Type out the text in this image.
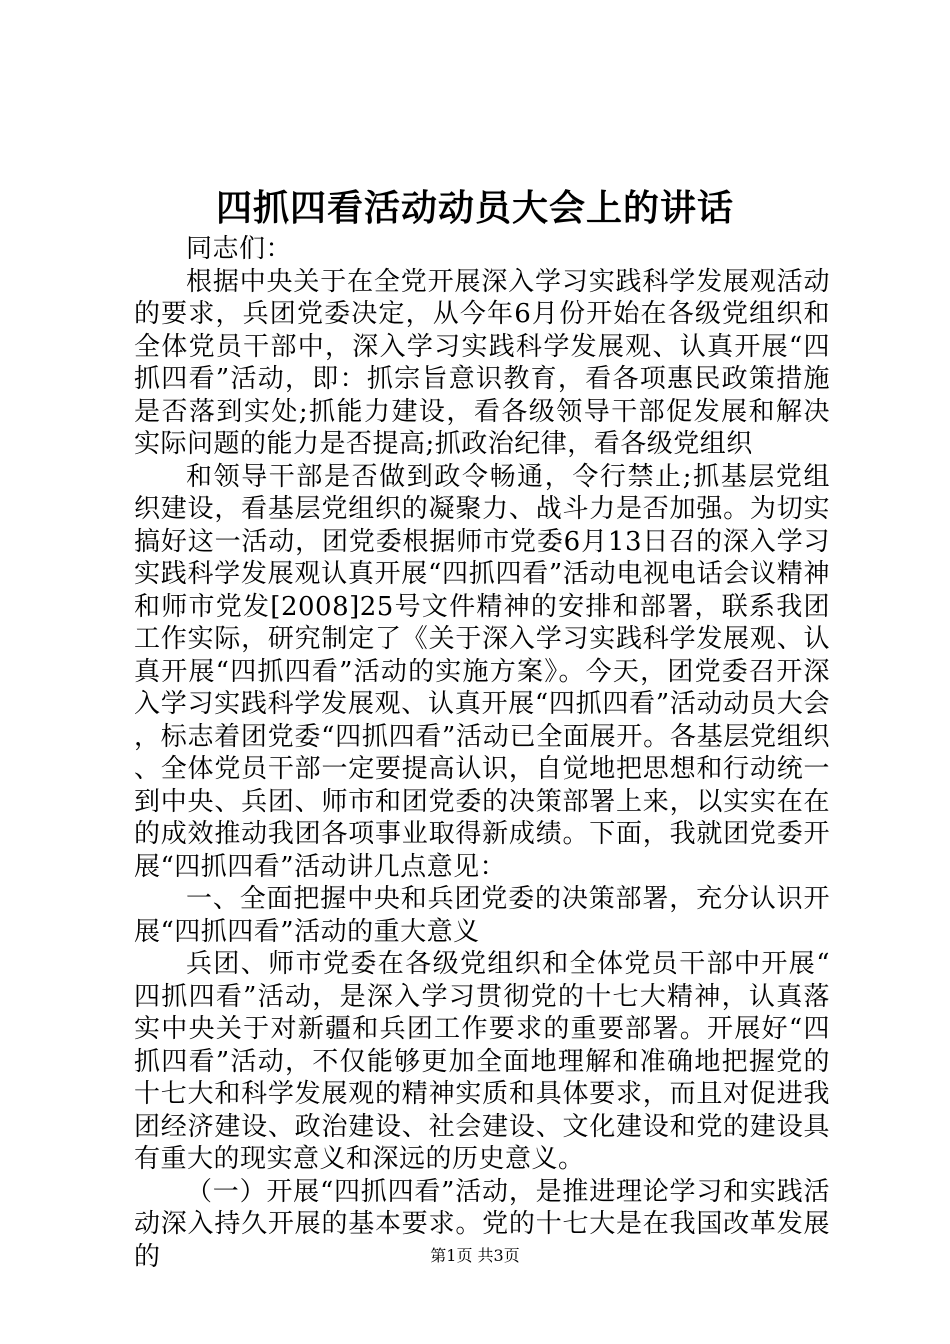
四抓四看活动动员大会上的讲话

同志们：

根据中央关于在全党开展深入学习实践科学发展观活动的要求，兵团党委决定，从今年6月份开始在各级党组织和全体党员干部中，深入学习实践科学发展观、认真开展“四抓四看”活动，即：抓宗旨意识教育，看各项惠民政策措施是否落到实处;抓能力建设，看各级领导干部促发展和解决实际问题的能力是否提高;抓政治纪律，看各级党组织

和领导干部是否做到政令畅通，令行禁止;抓基层党组织建设，看基层党组织的凝聚力、战斗力是否加强。为切实搞好这一活动，团党委根据师市党委6月13日召的深入学习实践科学发展观认真开展“四抓四看”活动电视电话会议精神和师市党发[2008]25号文件精神的安排和部署，联系我团工作实际，研究制定了《关于深入学习实践科学发展观、认真开展“四抓四看”活动的实施方案》。今天，团党委召开深入学习实践科学发展观、认真开展“四抓四看”活动动员大会，标志着团党委“四抓四看”活动已全面展开。各基层党组织、全体党员干部一定要提高认识，自觉地把思想和行动统一到中央、兵团、师市和团党委的决策部署上来，以实实在在的成效推动我团各项事业取得新成绩。下面，我就团党委开展“四抓四看”活动讲几点意见：

一、全面把握中央和兵团党委的决策部署，充分认识开展“四抓四看”活动的重大意义

兵团、师市党委在各级党组织和全体党员干部中开展“四抓四看”活动，是深入学习贯彻党的十七大精神，认真落实中央关于对新疆和兵团工作要求的重要部署。开展好“四抓四看”活动，不仅能够更加全面地理解和准确地把握党的十七大和科学发展观的精神实质和具体要求，而且对促进我团经济建设、政治建设、社会建设、文化建设和党的建设具有重大的现实意义和深远的历史意义。

（一）开展“四抓四看”活动，是推进理论学习和实践活动深入持久开展的基本要求。党的十七大是在我国改革发展的	第1页 共3页
